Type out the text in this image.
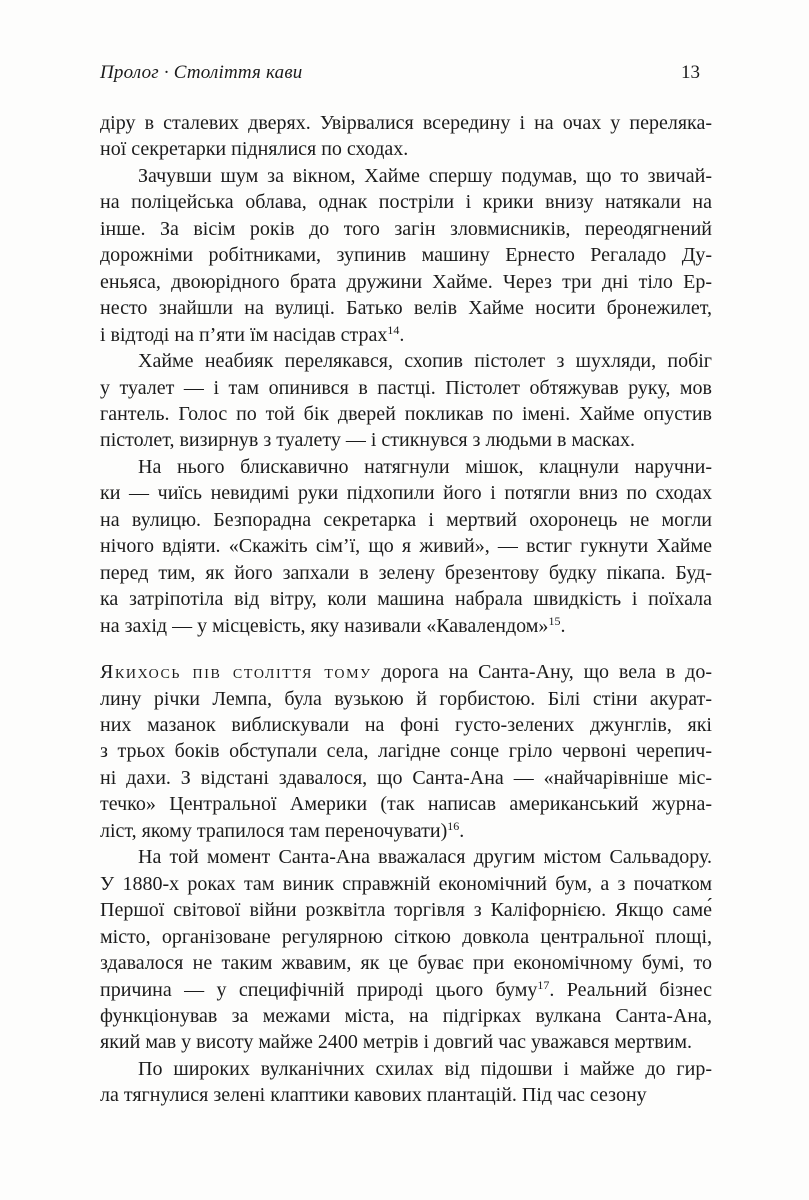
Пролог · Століття кави	13

діру в сталевих дверях. Увірвалися всередину і на очах у переляка-
ної секретарки піднялися по сходах.

Зачувши шум за вікном, Хайме спершу подумав, що то звичай-
на поліцейська облава, однак постріли і крики внизу натякали на
інше. За вісім років до того загін зловмисників, переодягнений
дорожніми робітниками, зупинив машину Ернесто Регаладо Ду-
еньяса, двоюрідного брата дружини Хайме. Через три дні тіло Ер-
несто знайшли на вулиці. Батько велів Хайме носити бронежилет,
і відтоді на п’яти їм насідав страх$^{14}$.

Хайме неабияк перелякався, схопив пістолет з шухляди, побіг
у туалет — і там опинився в пастці. Пістолет обтяжував руку, мов
гантель. Голос по той бік дверей покликав по імені. Хайме опустив
пістолет, визирнув з туалету — і стикнувся з людьми в масках.

На нього блискавично натягнули мішок, клацнули наручни-
ки — чиїсь невидимі руки підхопили його і потягли вниз по сходах
на вулицю. Безпорадна секретарка і мертвий охоронець не могли
нічого вдіяти. «Скажіть сім’ї, що я живий», — встиг гукнути Хайме
перед тим, як його запхали в зелену брезентову будку пікапа. Буд-
ка затріпотіла від вітру, коли машина набрала швидкість і поїхала
на захід — у місцевість, яку називали «Кавалендом»$^{15}$.

Якихось пів століття тому дорога на Санта-Ану, що вела в до-
лину річки Лемпа, була вузькою й горбистою. Білі стіни акурат-
них мазанок виблискували на фоні густо-зелених джунглів, які
з трьох боків обступали села, лагідне сонце гріло червоні черепич-
ні дахи. З відстані здавалося, що Санта-Ана — «найчарівніше міс-
течко» Центральної Америки (так написав американський журна-
ліст, якому трапилося там переночувати)$^{16}$.

На той момент Санта-Ана вважалася другим містом Сальвадору.
У 1880-х роках там виник справжній економічний бум, а з початком
Першої світової війни розквітла торгівля з Каліфорнією. Якщо саме́
місто, організоване регулярною сіткою довкола центральної площі,
здавалося не таким жвавим, як це буває при економічному бумі, то
причина — у специфічній природі цього буму$^{17}$. Реальний бізнес
функціонував за межами міста, на підгірках вулкана Санта-Ана,
який мав у висоту майже 2400 метрів і довгий час уважався мертвим.

По широких вулканічних схилах від підошви і майже до гир-
ла тягнулися зелені клаптики кавових плантацій. Під час сезону
